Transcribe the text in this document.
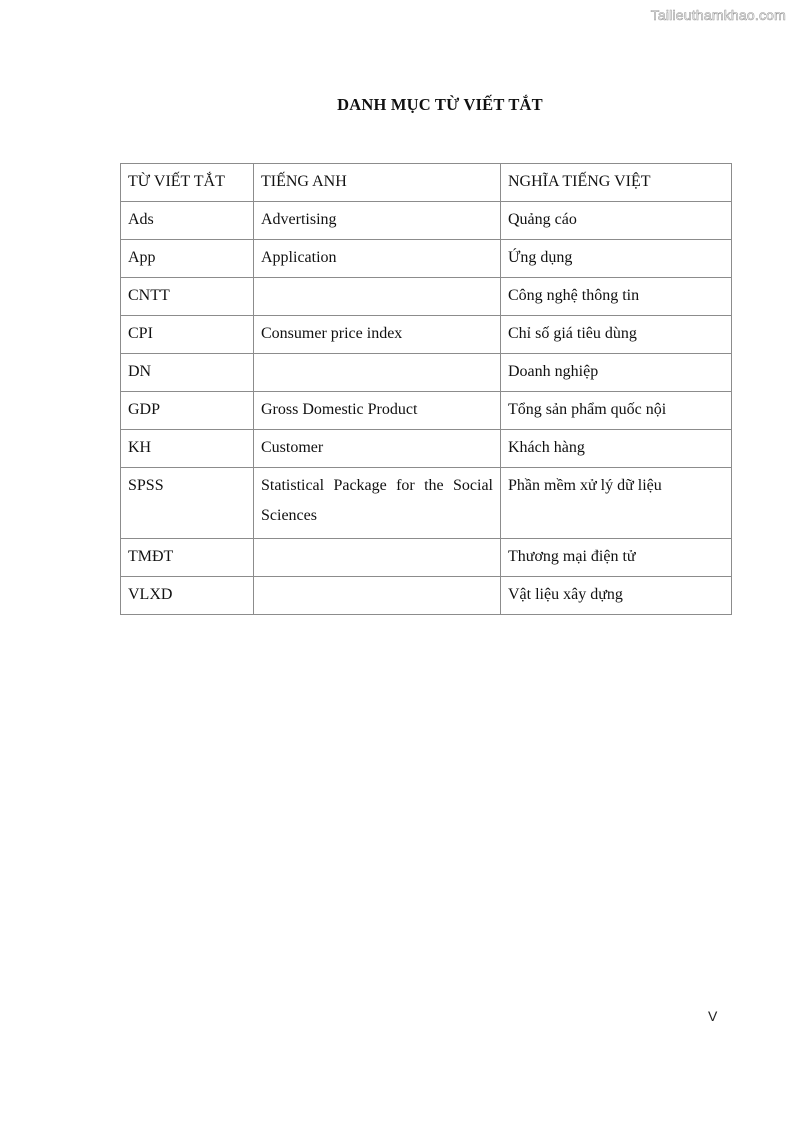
Tailieuthamkhao.com
DANH MỤC TỪ VIẾT TẮT
TỪ VIẾT TẮT	TIẾNG ANH	NGHĨA TIẾNG VIỆT
Ads	Advertising	Quảng cáo
App	Application	Ứng dụng
CNTT		Công nghệ thông tin
CPI	Consumer price index	Chỉ số giá tiêu dùng
DN		Doanh nghiệp
GDP	Gross Domestic Product	Tổng sản phẩm quốc nội
KH	Customer	Khách hàng
SPSS	Statistical Package for the Social Sciences	Phần mềm xử lý dữ liệu
TMĐT		Thương mại điện tử
VLXD		Vật liệu xây dựng
V
